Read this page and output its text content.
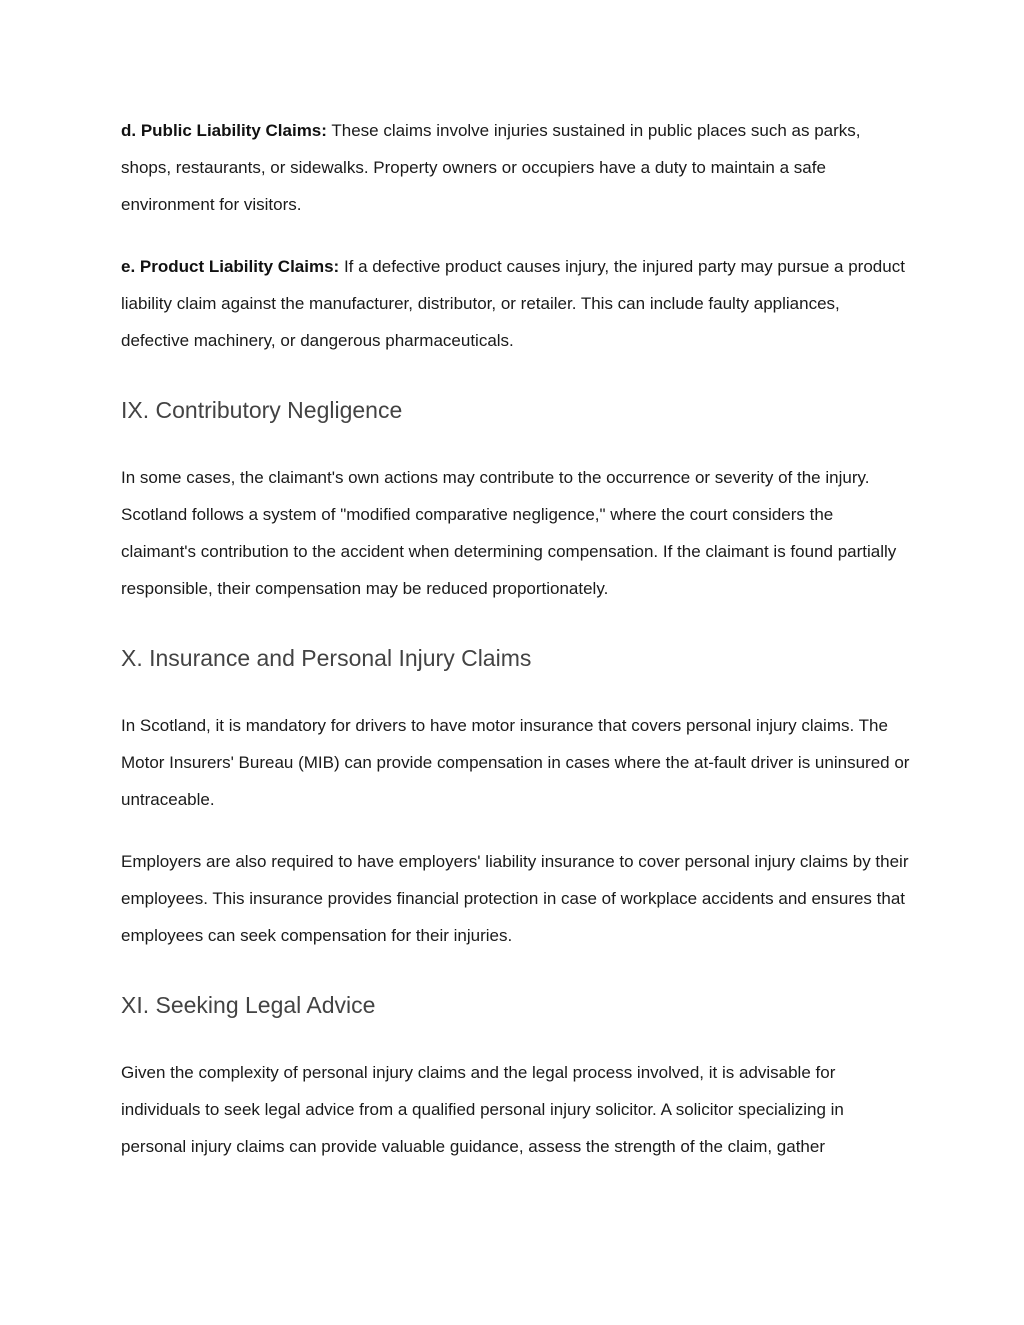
d. Public Liability Claims: These claims involve injuries sustained in public places such as parks, shops, restaurants, or sidewalks. Property owners or occupiers have a duty to maintain a safe environment for visitors.

e. Product Liability Claims: If a defective product causes injury, the injured party may pursue a product liability claim against the manufacturer, distributor, or retailer. This can include faulty appliances, defective machinery, or dangerous pharmaceuticals.

IX. Contributory Negligence

In some cases, the claimant's own actions may contribute to the occurrence or severity of the injury. Scotland follows a system of "modified comparative negligence," where the court considers the claimant's contribution to the accident when determining compensation. If the claimant is found partially responsible, their compensation may be reduced proportionately.

X. Insurance and Personal Injury Claims

In Scotland, it is mandatory for drivers to have motor insurance that covers personal injury claims. The Motor Insurers' Bureau (MIB) can provide compensation in cases where the at-fault driver is uninsured or untraceable.

Employers are also required to have employers' liability insurance to cover personal injury claims by their employees. This insurance provides financial protection in case of workplace accidents and ensures that employees can seek compensation for their injuries.

XI. Seeking Legal Advice

Given the complexity of personal injury claims and the legal process involved, it is advisable for individuals to seek legal advice from a qualified personal injury solicitor. A solicitor specializing in personal injury claims can provide valuable guidance, assess the strength of the claim, gather
